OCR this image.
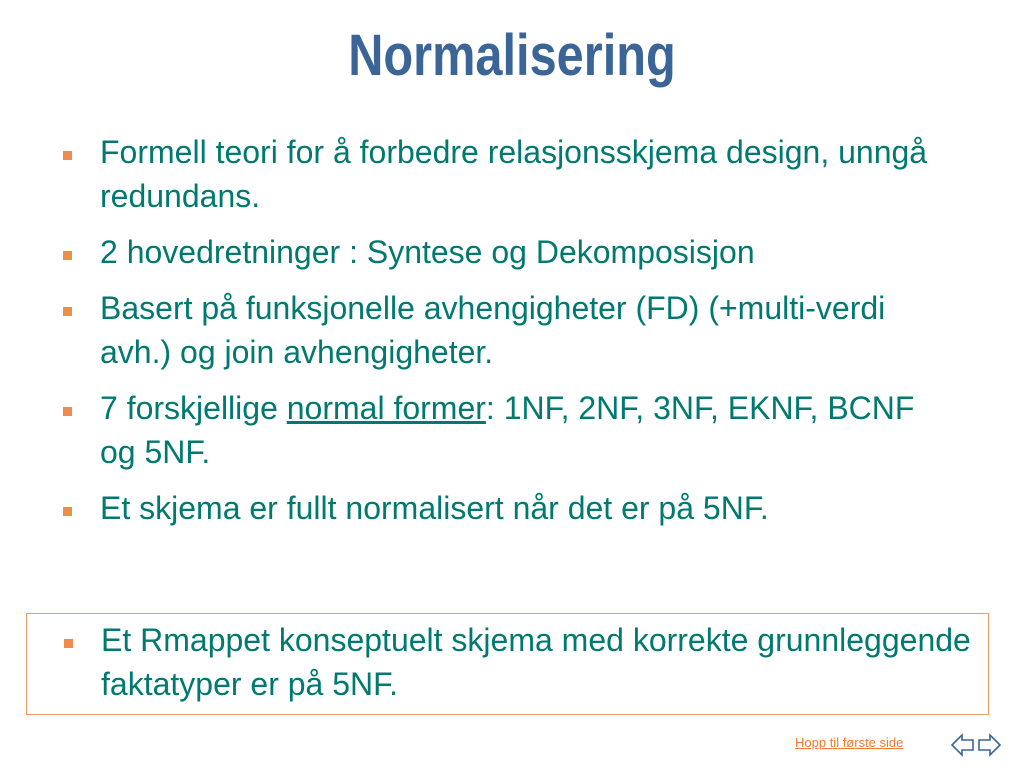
Normalisering
Formell teori for å forbedre relasjonsskjema design, unngå redundans.
2 hovedretninger : Syntese og Dekomposisjon
Basert på funksjonelle avhengigheter (FD) (+multi-verdi avh.) og join avhengigheter.
7 forskjellige normal former: 1NF, 2NF, 3NF, EKNF, BCNF og 5NF.
Et skjema er fullt normalisert når det er på 5NF.
Et Rmappet konseptuelt skjema med korrekte grunnleggende faktatyper er på 5NF.
Hopp til første side
